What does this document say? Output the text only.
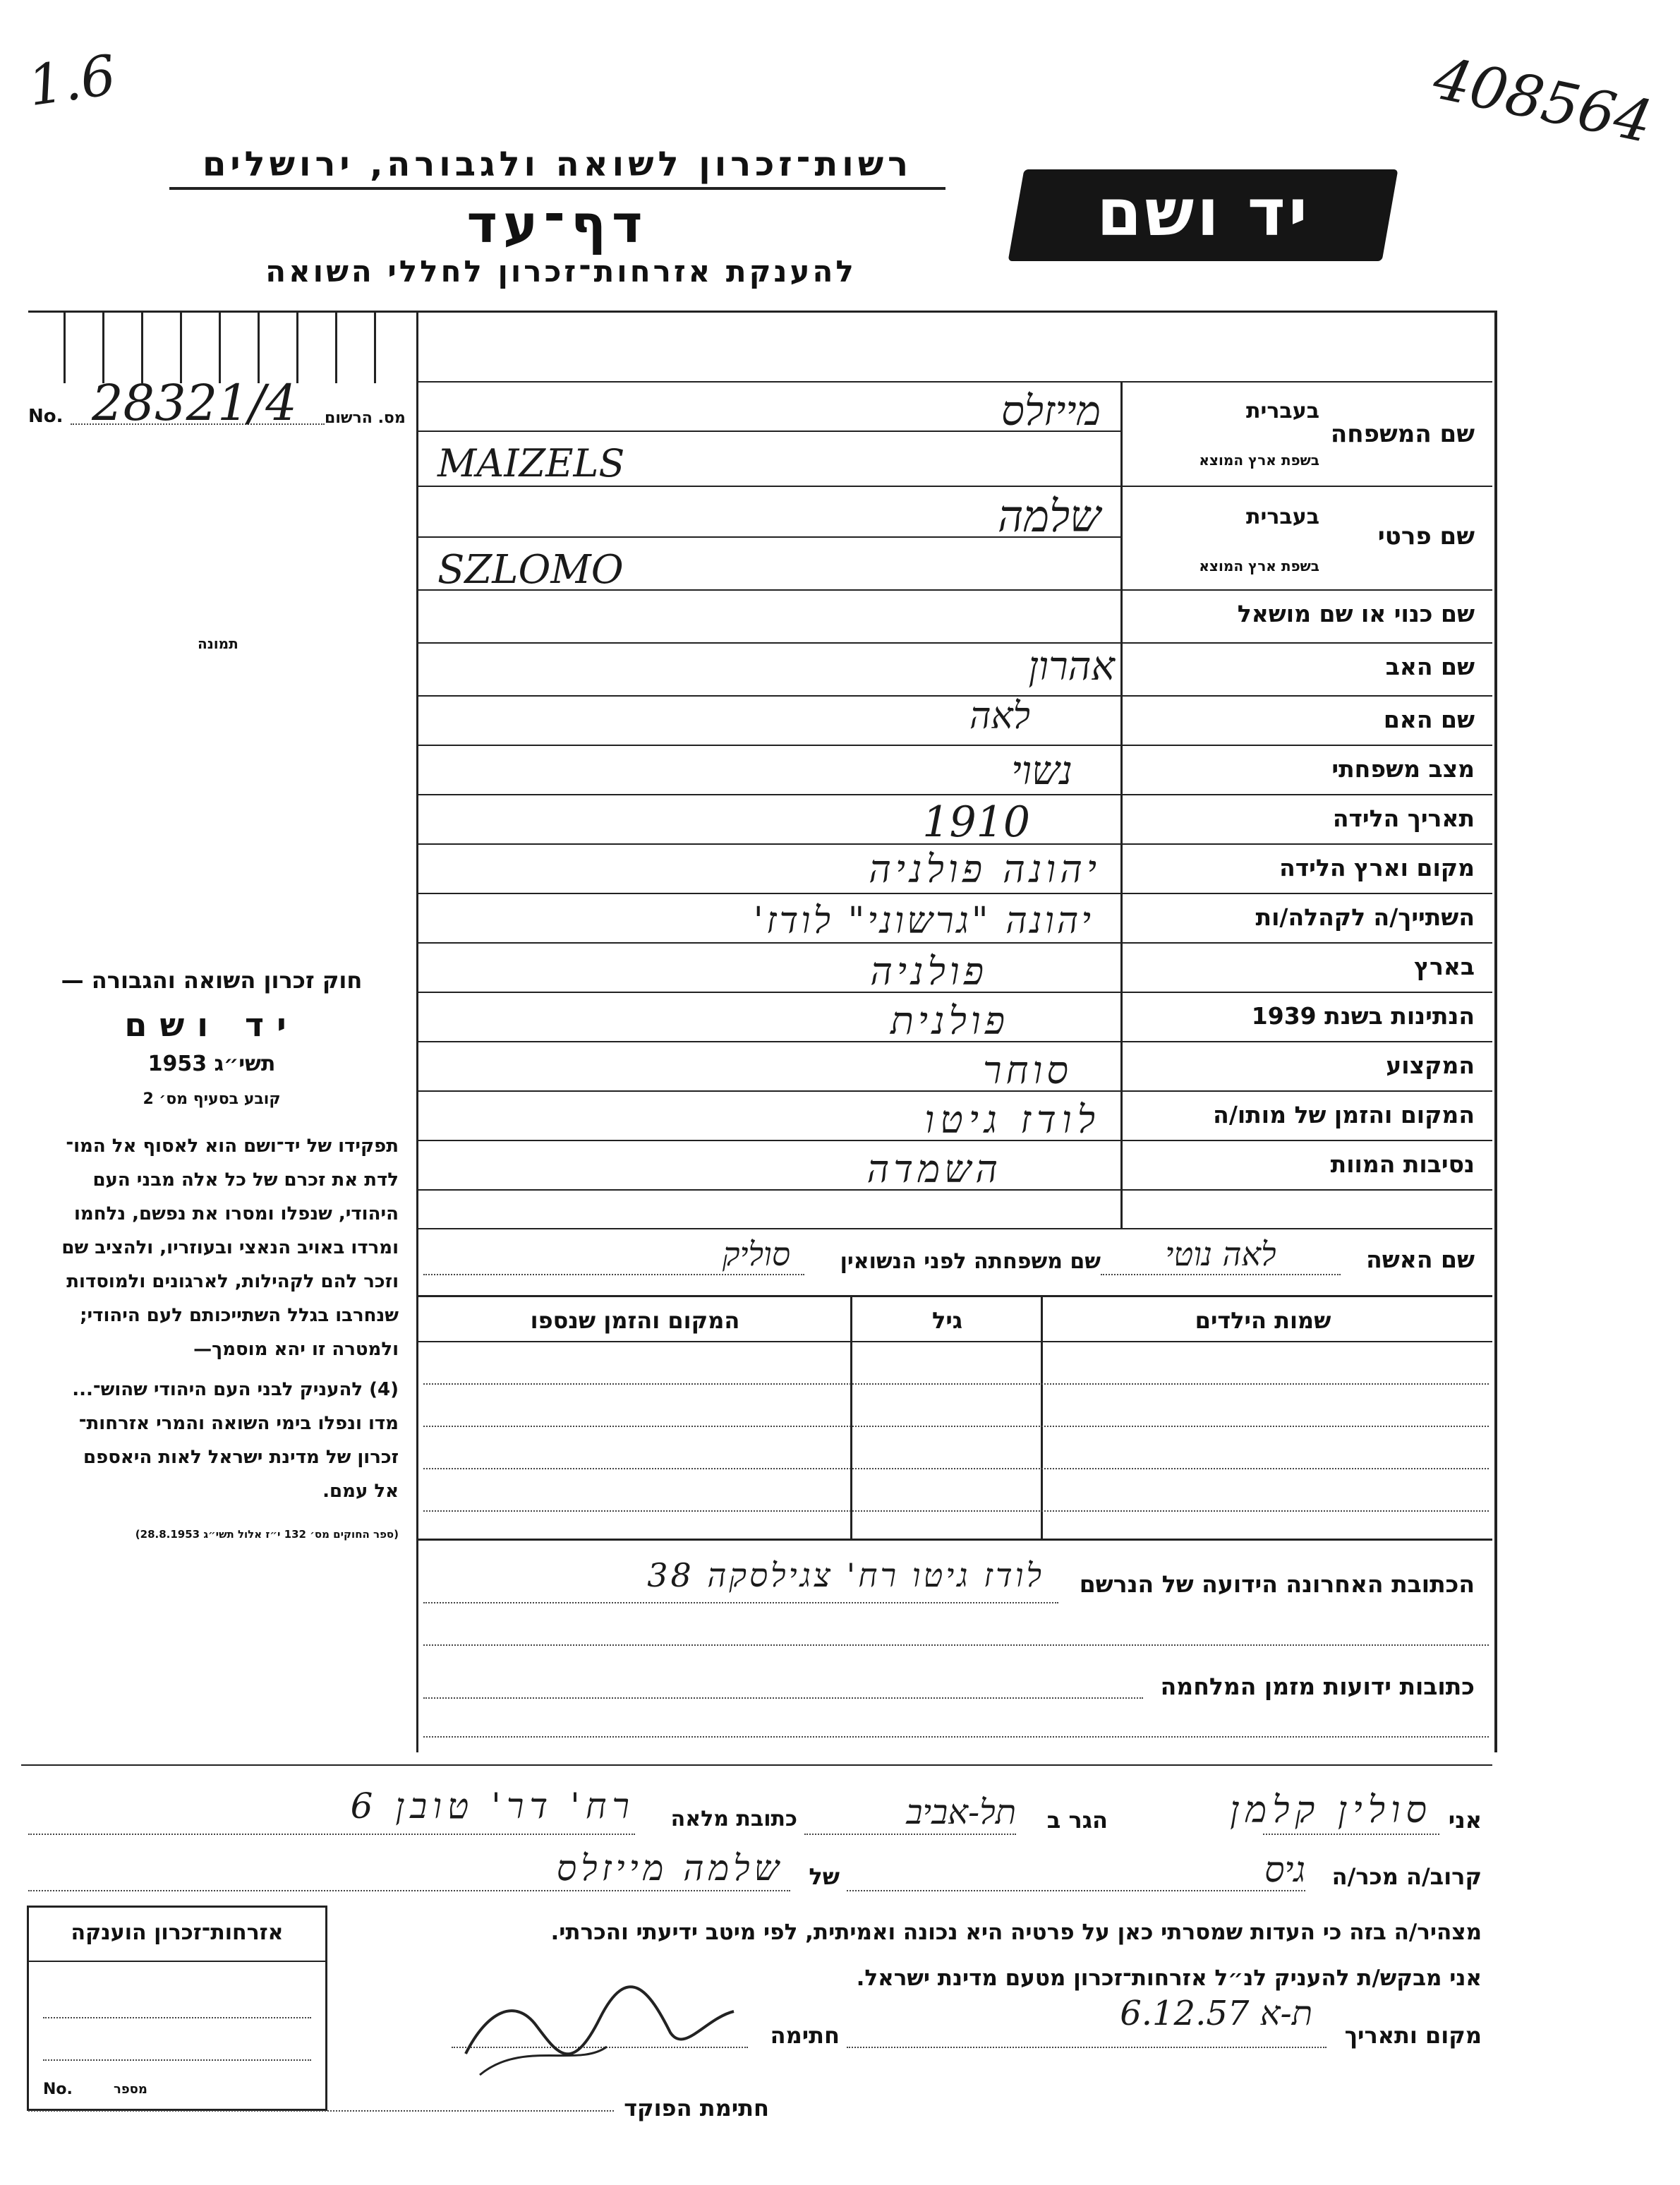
1.6	408564
רשות־זכרון לשואה ולגבורה, ירושלים
דף־עד
להענקת אזרחות־זכרון לחללי השואה
יד ושם
No. 28321/4 מס. הרשום
תמונה
בעברית
שם המשפחה
בשפת ארץ המוצא
מייזלס
MAIZELS
בעברית
שם פרטי
בשפת ארץ המוצא
שלמה
SZLOMO
שם כנוי או שם מושאל
שם האב
שם האם
מצב משפחתי
תאריך הלידה
מקום וארץ הלידה
השתייך/ה לקהלה/ות
בארץ
הנתינות בשנת 1939
המקצוע
המקום והזמן של מותו/ה
נסיבות המוות
אהרון
לאה
נשוי
1910
יהונה פולניה
יהונה "גרשוני" לודז'
פולניה
פולנית
סוחר
לודז גיטו
השמדה
שם האשה
לאה נוטי
שם משפחתה לפני הנשואין
סוליק
שמות הילדים
גיל
המקום והזמן שנספו
הכתובת האחרונה הידועה של הנרשם
לודז גיטו רח' צגילסקה 38
כתובות ידועות מזמן המלחמה
חוק זכרון השואה והגבורה —
יד ושם
תשי״ג 1953
קובע בסעיף מס׳ 2
תפקידו של יד־ושם הוא לאסוף אל המו־
לדת את זכרם של כל אלה מבני העם
היהודי, שנפלו ומסרו את נפשם, נלחמו
ומרדו באויב הנאצי ובעוזריו, ולהציב שם
וזכר להם לקהילות, לארגונים ולמוסדות
שנחרבו בגלל השתייכותם לעם היהודי;
ולמטרה זו יהא מוסמך—
(4) להעניק לבני העם היהודי שהוש־...
מדו ונפלו בימי השואה והמרי אזרחות־
זכרון של מדינת ישראל לאות היאספם
אל עמם.
(ספר החוקים מס׳ 132 י״ז אלול תשי״ג 28.8.1953)
אני
סולין קלמן
הגר ב
תל-אביב
כתובת מלאה
רח' דר' טובן 6
קרוב/ה מכר/ה
גיס
של
שלמה מייזלס
אזרחות־זכרון הוענקה
No.	מספר
מצהיר/ה בזה כי העדות שמסרתי כאן על פרטיה היא נכונה ואמיתית, לפי מיטב ידיעתי והכרתי.
אני מבקש/ת להעניק לנ״ל אזרחות־זכרון מטעם מדינת ישראל.
מקום ותאריך
ת-א 6.12.57
חתימה
חתימת הפוקד
